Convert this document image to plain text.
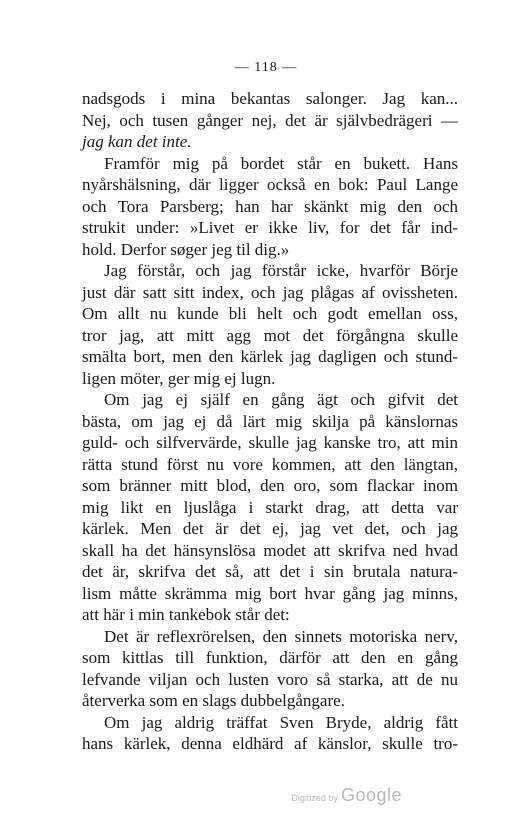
— 118 —
nadsgods i mina bekantas salonger. Jag kan...
Nej, och tusen gånger nej, det är självbedrägeri —
jag kan det inte.
Framför mig på bordet står en bukett. Hans
nyårshälsning, där ligger också en bok: Paul Lange
och Tora Parsberg; han har skänkt mig den och
strukit under: »Livet er ikke liv, for det får ind-
hold. Derfor søger jeg til dig.»
Jag förstår, och jag förstår icke, hvarför Börje
just där satt sitt index, och jag plågas af ovissheten.
Om allt nu kunde bli helt och godt emellan oss,
tror jag, att mitt agg mot det förgångna skulle
smälta bort, men den kärlek jag dagligen och stund-
ligen möter, ger mig ej lugn.
Om jag ej själf en gång ägt och gifvit det
bästa, om jag ej då lärt mig skilja på känslornas
guld- och silfvervärde, skulle jag kanske tro, att min
rätta stund först nu vore kommen, att den längtan,
som bränner mitt blod, den oro, som flackar inom
mig likt en ljuslåga i starkt drag, att detta var
kärlek. Men det är det ej, jag vet det, och jag
skall ha det hänsynslösa modet att skrifva ned hvad
det är, skrifva det så, att det i sin brutala natura-
lism måtte skrämma mig bort hvar gång jag minns,
att här i min tankebok står det:
Det är reflexrörelsen, den sinnets motoriska nerv,
som kittlas till funktion, därför att den en gång
lefvande viljan och lusten voro så starka, att de nu
återverka som en slags dubbelgångare.
Om jag aldrig träffat Sven Bryde, aldrig fått
hans kärlek, denna eldhärd af känslor, skulle tro-
Digitized by Google
